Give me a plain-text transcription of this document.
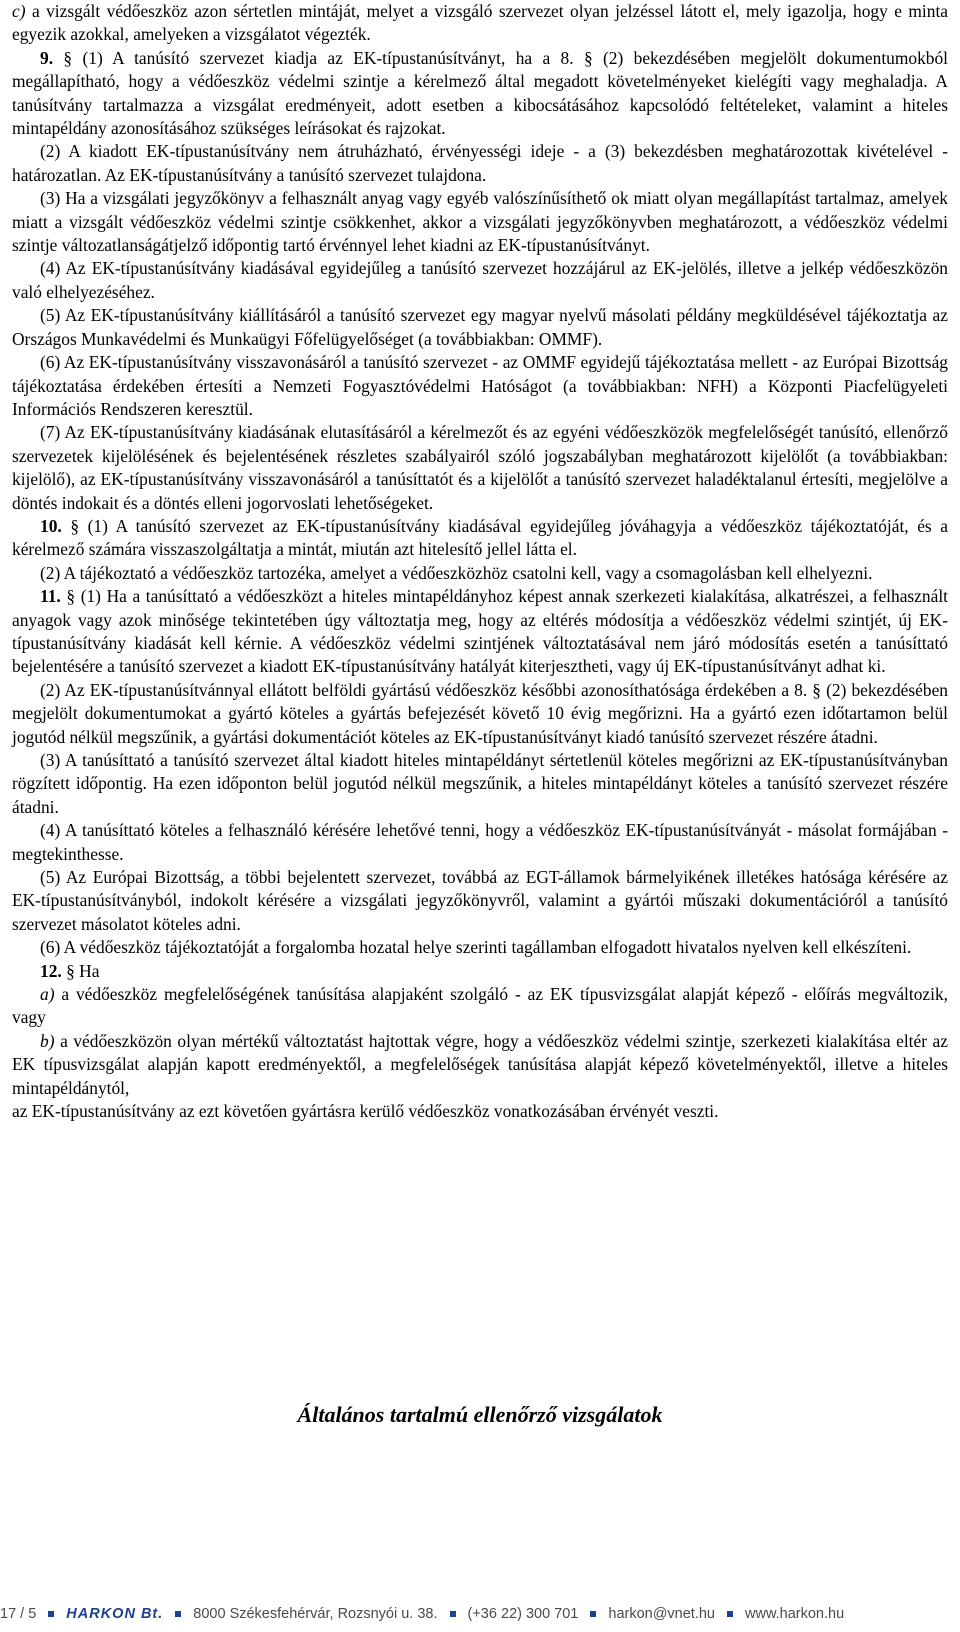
c) a vizsgált védőeszköz azon sértetlen mintáját, melyet a vizsgáló szervezet olyan jelzéssel látott el, mely igazolja, hogy e minta egyezik azokkal, amelyeken a vizsgálatot végezték.

9. § (1) A tanúsító szervezet kiadja az EK-típustanúsítványt, ha a 8. § (2) bekezdésében megjelölt dokumentumokból megállapítható, hogy a védőeszköz védelmi szintje a kérelmező által megadott követelményeket kielégíti vagy meghaladja. A tanúsítvány tartalmazza a vizsgálat eredményeit, adott esetben a kibocsátásához kapcsolódó feltételeket, valamint a hiteles mintapéldány azonosításához szükséges leírásokat és rajzokat.

(2) A kiadott EK-típustanúsítvány nem átruházható, érvényességi ideje - a (3) bekezdésben meghatározottak kivételével - határozatlan. Az EK-típustanúsítvány a tanúsító szervezet tulajdona.

(3) Ha a vizsgálati jegyzőkönyv a felhasznált anyag vagy egyéb valószínűsíthető ok miatt olyan megállapítást tartalmaz, amelyek miatt a vizsgált védőeszköz védelmi szintje csökkenhet, akkor a vizsgálati jegyzőkönyvben meghatározott, a védőeszköz védelmi szintje változatlanságátjelző időpontig tartó érvénnyel lehet kiadni az EK-típustanúsítványt.

(4) Az EK-típustanúsítvány kiadásával egyidejűleg a tanúsító szervezet hozzájárul az EK-jelölés, illetve a jelkép védőeszközön való elhelyezéséhez.

(5) Az EK-típustanúsítvány kiállításáról a tanúsító szervezet egy magyar nyelvű másolati példány megküldésével tájékoztatja az Országos Munkavédelmi és Munkaügyi Főfelügyelőséget (a továbbiakban: OMMF).

(6) Az EK-típustanúsítvány visszavonásáról a tanúsító szervezet - az OMMF egyidejű tájékoztatása mellett - az Európai Bizottság tájékoztatása érdekében értesíti a Nemzeti Fogyasztóvédelmi Hatóságot (a továbbiakban: NFH) a Központi Piacfelügyeleti Információs Rendszeren keresztül.

(7) Az EK-típustanúsítvány kiadásának elutasításáról a kérelmezőt és az egyéni védőeszközök megfelelőségét tanúsító, ellenőrző szervezetek kijelölésének és bejelentésének részletes szabályairól szóló jogszabályban meghatározott kijelölőt (a továbbiakban: kijelölő), az EK-típustanúsítvány visszavonásáról a tanúsíttatót és a kijelölőt a tanúsító szervezet haladéktalanul értesíti, megjelölve a döntés indokait és a döntés elleni jogorvoslati lehetőségeket.

10. § (1) A tanúsító szervezet az EK-típustanúsítvány kiadásával egyidejűleg jóváhagyja a védőeszköz tájékoztatóját, és a kérelmező számára visszaszolgáltatja a mintát, miután azt hitelesítő jellel látta el.

(2) A tájékoztató a védőeszköz tartozéka, amelyet a védőeszközhöz csatolni kell, vagy a csomagolásban kell elhelyezni.

11. § (1) Ha a tanúsíttató a védőeszközt a hiteles mintapéldányhoz képest annak szerkezeti kialakítása, alkatrészei, a felhasznált anyagok vagy azok minősége tekintetében úgy változtatja meg, hogy az eltérés módosítja a védőeszköz védelmi szintjét, új EK-típustanúsítvány kiadását kell kérnie. A védőeszköz védelmi szintjének változtatásával nem járó módosítás esetén a tanúsíttató bejelentésére a tanúsító szervezet a kiadott EK-típustanúsítvány hatályát kiterjesztheti, vagy új EK-típustanúsítványt adhat ki.

(2) Az EK-típustanúsítvánnyal ellátott belföldi gyártású védőeszköz későbbi azonosíthatósága érdekében a 8. § (2) bekezdésében megjelölt dokumentumokat a gyártó köteles a gyártás befejezését követő 10 évig megőrizni. Ha a gyártó ezen időtartamon belül jogutód nélkül megszűnik, a gyártási dokumentációt köteles az EK-típustanúsítványt kiadó tanúsító szervezet részére átadni.

(3) A tanúsíttató a tanúsító szervezet által kiadott hiteles mintapéldányt sértetlenül köteles megőrizni az EK-típustanúsítványban rögzített időpontig. Ha ezen időponton belül jogutód nélkül megszűnik, a hiteles mintapéldányt köteles a tanúsító szervezet részére átadni.

(4) A tanúsíttató köteles a felhasználó kérésére lehetővé tenni, hogy a védőeszköz EK-típustanúsítványát - másolat formájában - megtekinthesse.

(5) Az Európai Bizottság, a többi bejelentett szervezet, továbbá az EGT-államok bármelyikének illetékes hatósága kérésére az EK-típustanúsítványból, indokolt kérésére a vizsgálati jegyzőkönyvről, valamint a gyártói műszaki dokumentációról a tanúsító szervezet másolatot köteles adni.

(6) A védőeszköz tájékoztatóját a forgalomba hozatal helye szerinti tagállamban elfogadott hivatalos nyelven kell elkészíteni.

12. § Ha

a) a védőeszköz megfelelőségének tanúsítása alapjaként szolgáló - az EK típusvizsgálat alapját képező - előírás megváltozik, vagy

b) a védőeszközön olyan mértékű változtatást hajtottak végre, hogy a védőeszköz védelmi szintje, szerkezeti kialakítása eltér az EK típusvizsgálat alapján kapott eredményektől, a megfelelőségek tanúsítása alapját képező követelményektől, illetve a hiteles mintapéldánytól,

az EK-típustanúsítvány az ezt követően gyártásra kerülő védőeszköz vonatkozásában érvényét veszti.

Általános tartalmú ellenőrző vizsgálatok
17 / 5 HARKON Bt. 8000 Székesfehérvár, Rozsnyói u. 38. (+36 22) 300 701 harkon@vnet.hu www.harkon.hu
